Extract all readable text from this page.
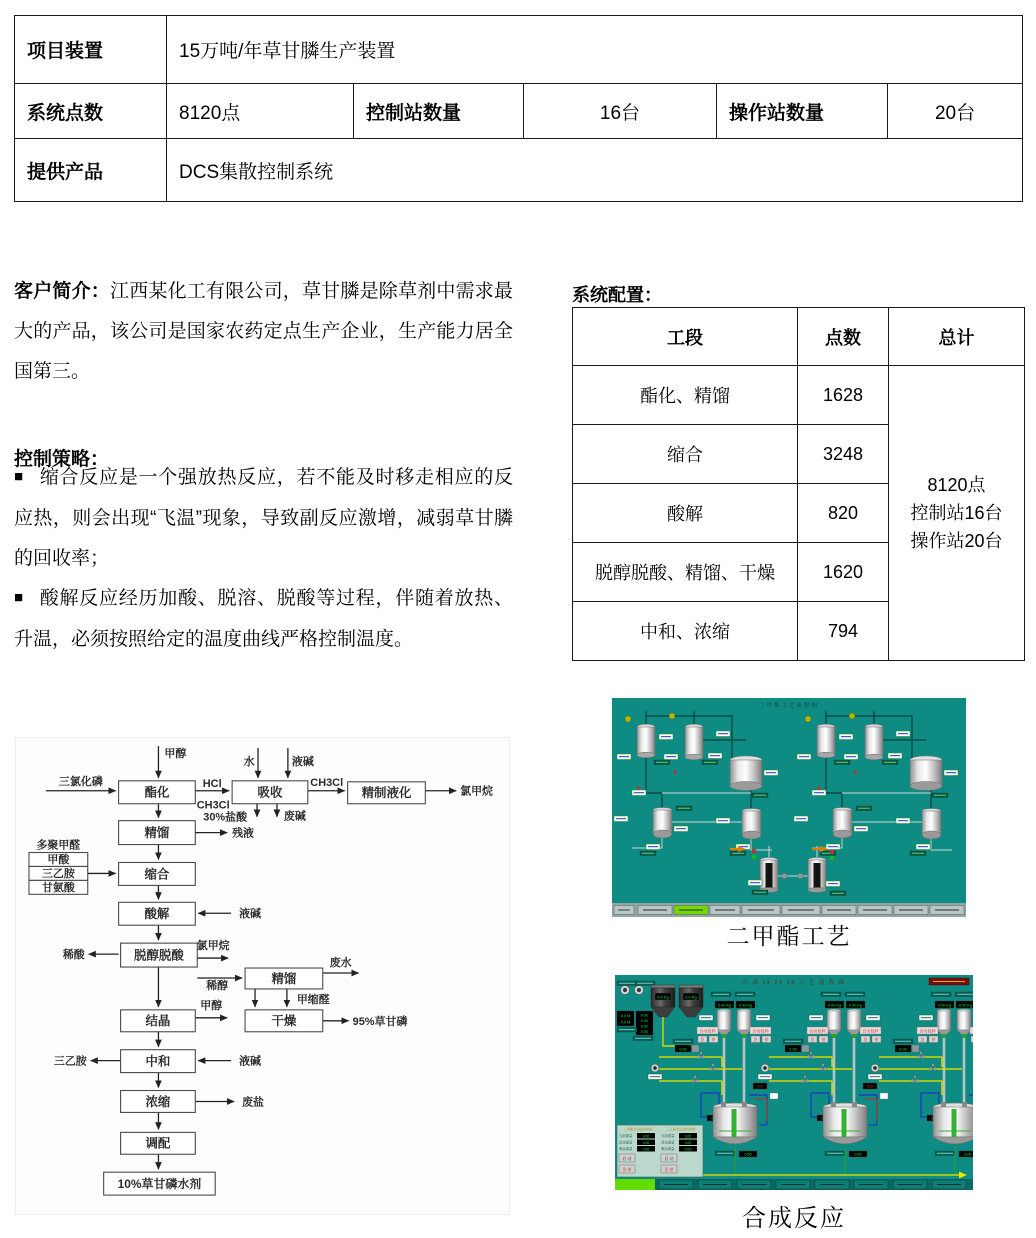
项目装置	15万吨/年草甘膦生产装置				
系统点数	8120点	控制站数量	16台	操作站数量	20台
提供产品	DCS集散控制系统				
客户简介：江西某化工有限公司，草甘膦是除草剂中需求最大的产品，该公司是国家农药定点生产企业，生产能力居全国第三。
控制策略：

■ 缩合反应是一个强放热反应，若不能及时移走相应的反应热，则会出现“飞温”现象，导致副反应激增，减弱草甘膦的回收率；

■ 酸解反应经历加酸、脱溶、脱酸等过程，伴随着放热、升温，必须按照给定的温度曲线严格控制温度。

系统配置：
工段	点数	总计
酯化、精馏	1628	8120点
控制站16台
操作站20台

缩合	3248	
酸解	820	
脱醇脱酸、精馏、干燥	1620	
中和、浓缩	794	
酯化	吸收	精制液化
精馏
缩合
酸解
脱醇脱酸
精馏
结晶	干燥
中和
浓缩
调配
10%草甘磷水剂
多聚甲醛
甲酸
三乙胺
甘氨酸
甲醇
三氯化磷	HCl
CH3Cl
30%盐酸
水	液碱
CH3Cl
氯甲烷
废碱
残液
液碱
稀酸
氯甲烷
稀醇
废水
甲缩醛
甲醇
95%草甘磷
三乙胺	液碱
废盐
二甲酯工艺流程图
二甲酯工艺
合 成 14 24 34 工 艺 流 程 图
0.0 Kg	0.0 Kg
0.0 M
0.0 M
0.00
0.00
0.00
0.00
二甲酯自动投料控制	三乙胺自动投料控制
当前重量	0.00
设定重量	0.00
剩余重量	0.00
当前重量	0.00
设定重量	0.00
剩余重量	0.00
启 动
急 停
启 动
急 停
合成反应
